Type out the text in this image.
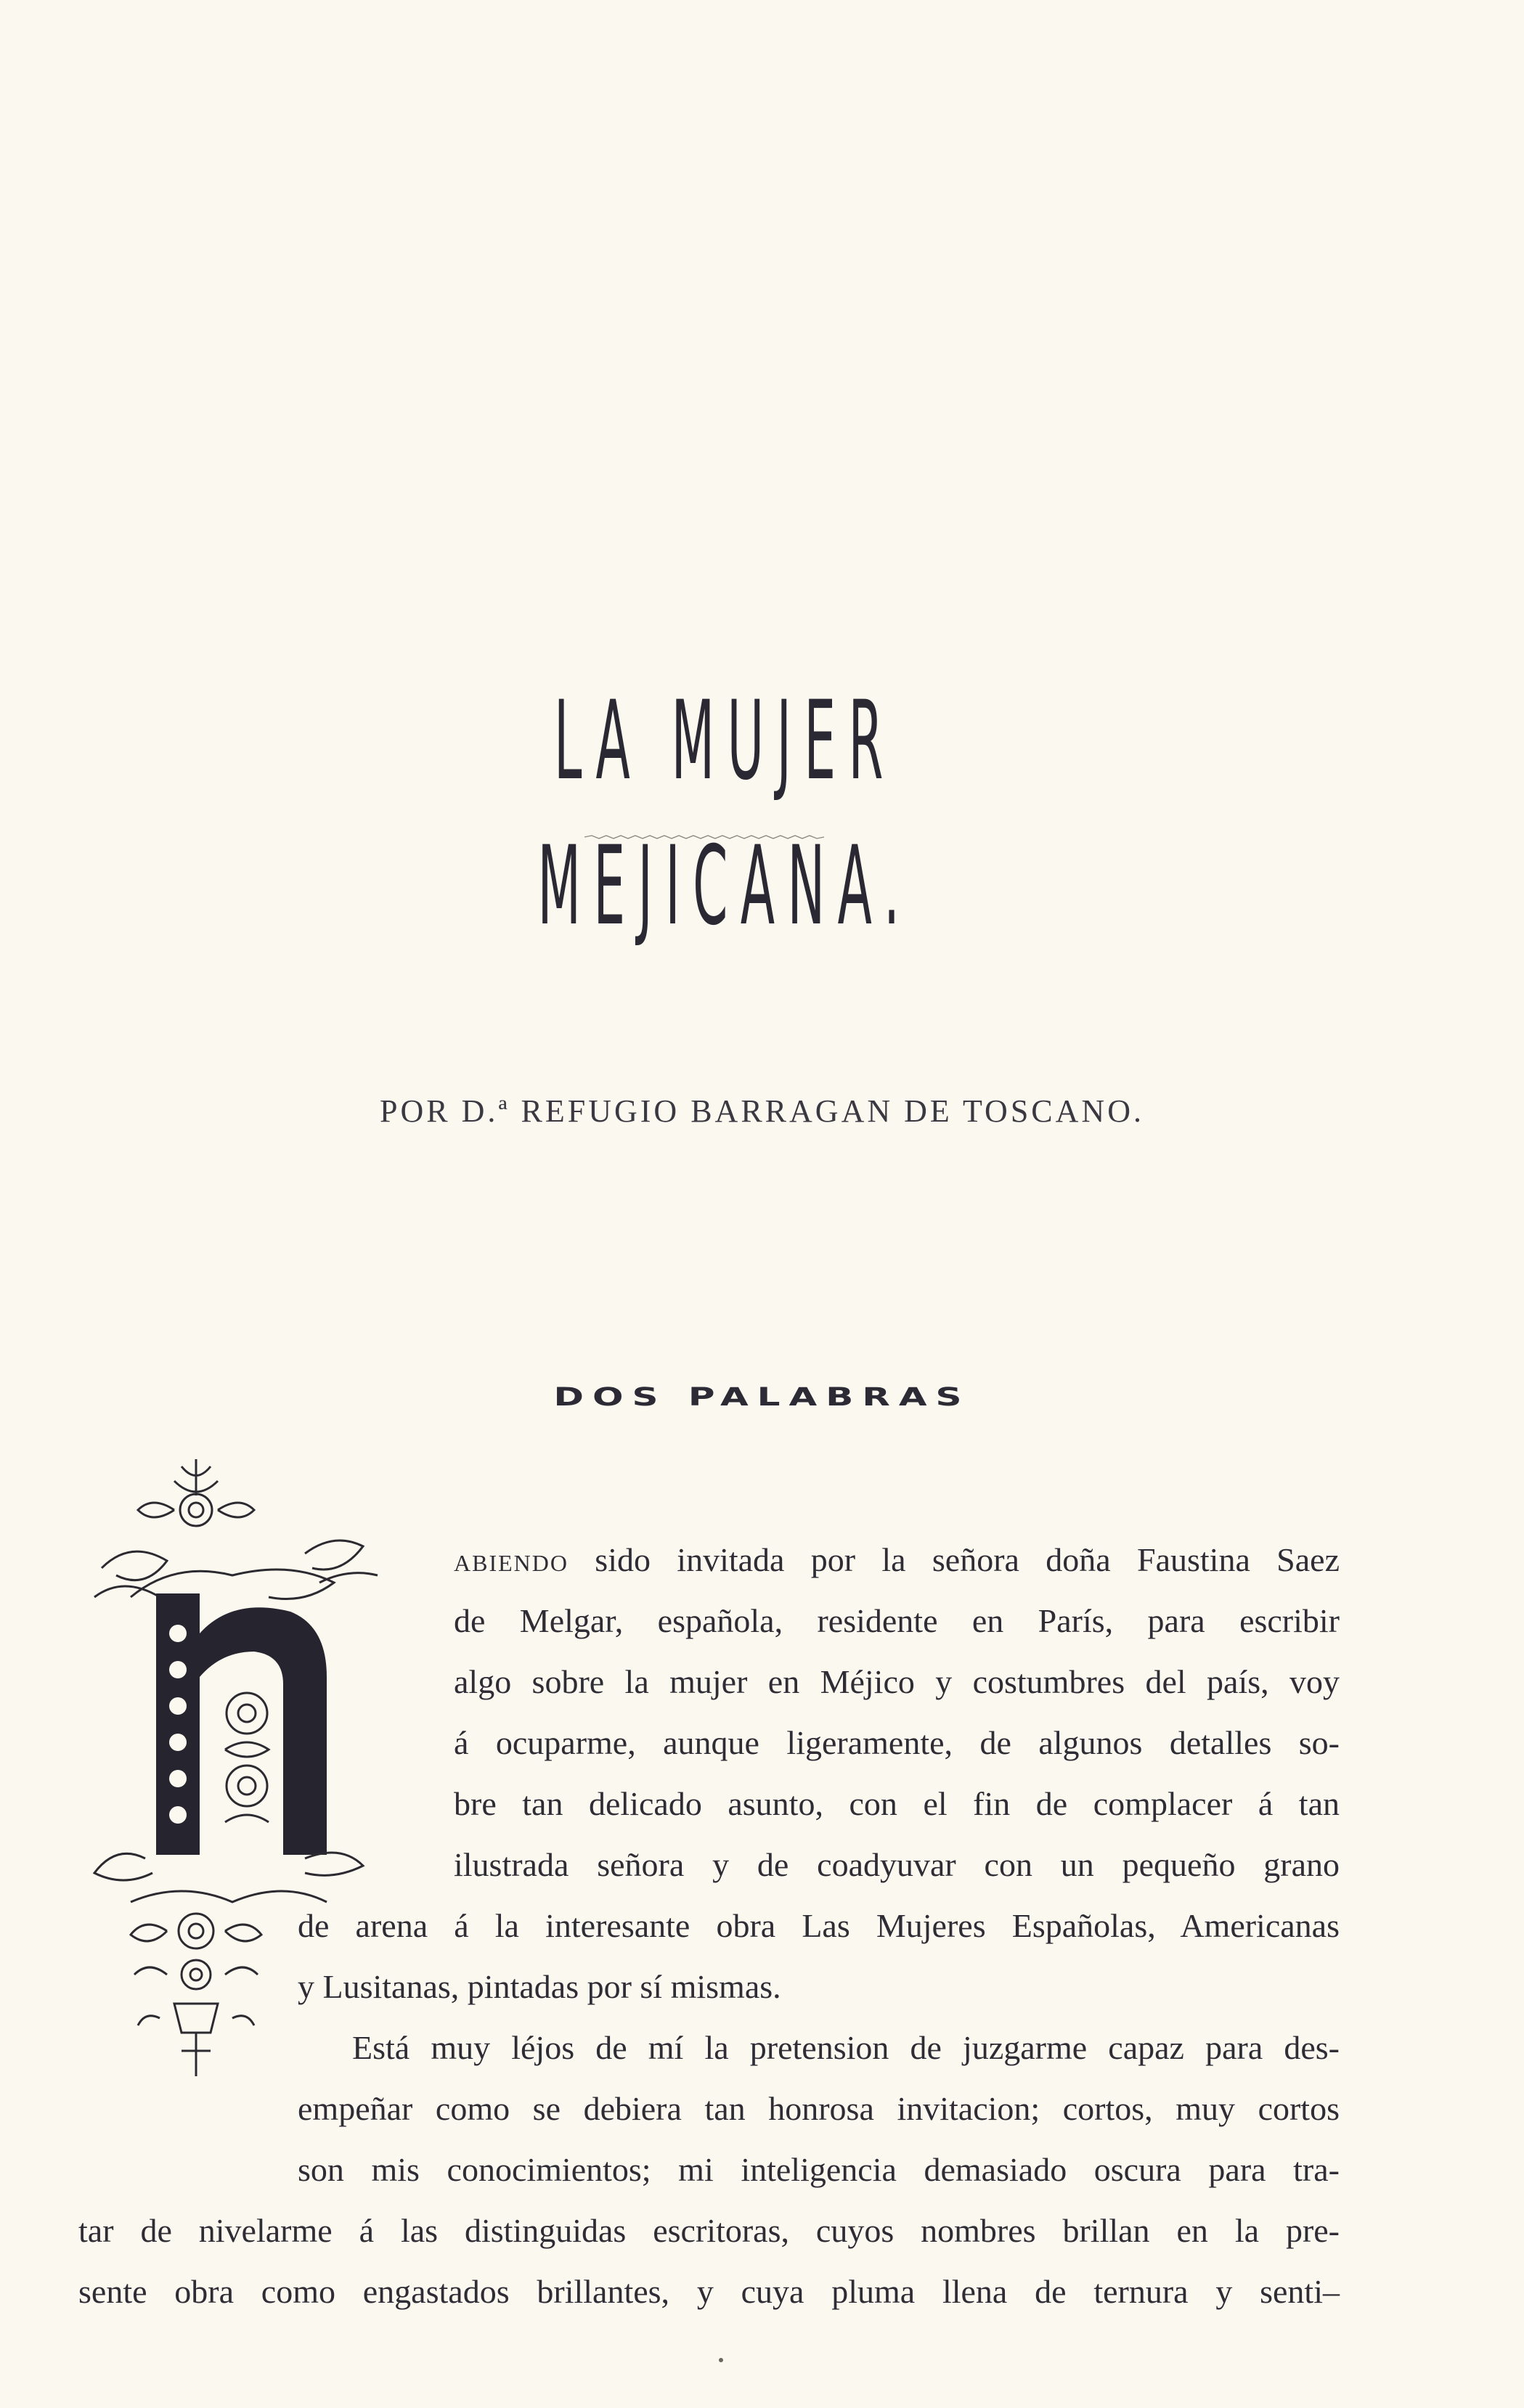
LA MUJER MEJICANA.
POR D.ª REFUGIO BARRAGAN DE TOSCANO.
DOS PALABRAS
abiendo sido invitada por la señora doña Faustina Saez
de Melgar, española, residente en París, para escribir
algo sobre la mujer en Méjico y costumbres del país, voy
á ocuparme, aunque ligeramente, de algunos detalles so-
bre tan delicado asunto, con el fin de complacer á tan
ilustrada señora y de coadyuvar con un pequeño grano
de arena á la interesante obra Las Mujeres Españolas, Americanas
y Lusitanas, pintadas por sí mismas.
Está muy léjos de mí la pretension de juzgarme capaz para des-
empeñar como se debiera tan honrosa invitacion; cortos, muy cortos
son mis conocimientos; mi inteligencia demasiado oscura para tra-
tar de nivelarme á las distinguidas escritoras, cuyos nombres brillan en la pre-
sente obra como engastados brillantes, y cuya pluma llena de ternura y senti–
